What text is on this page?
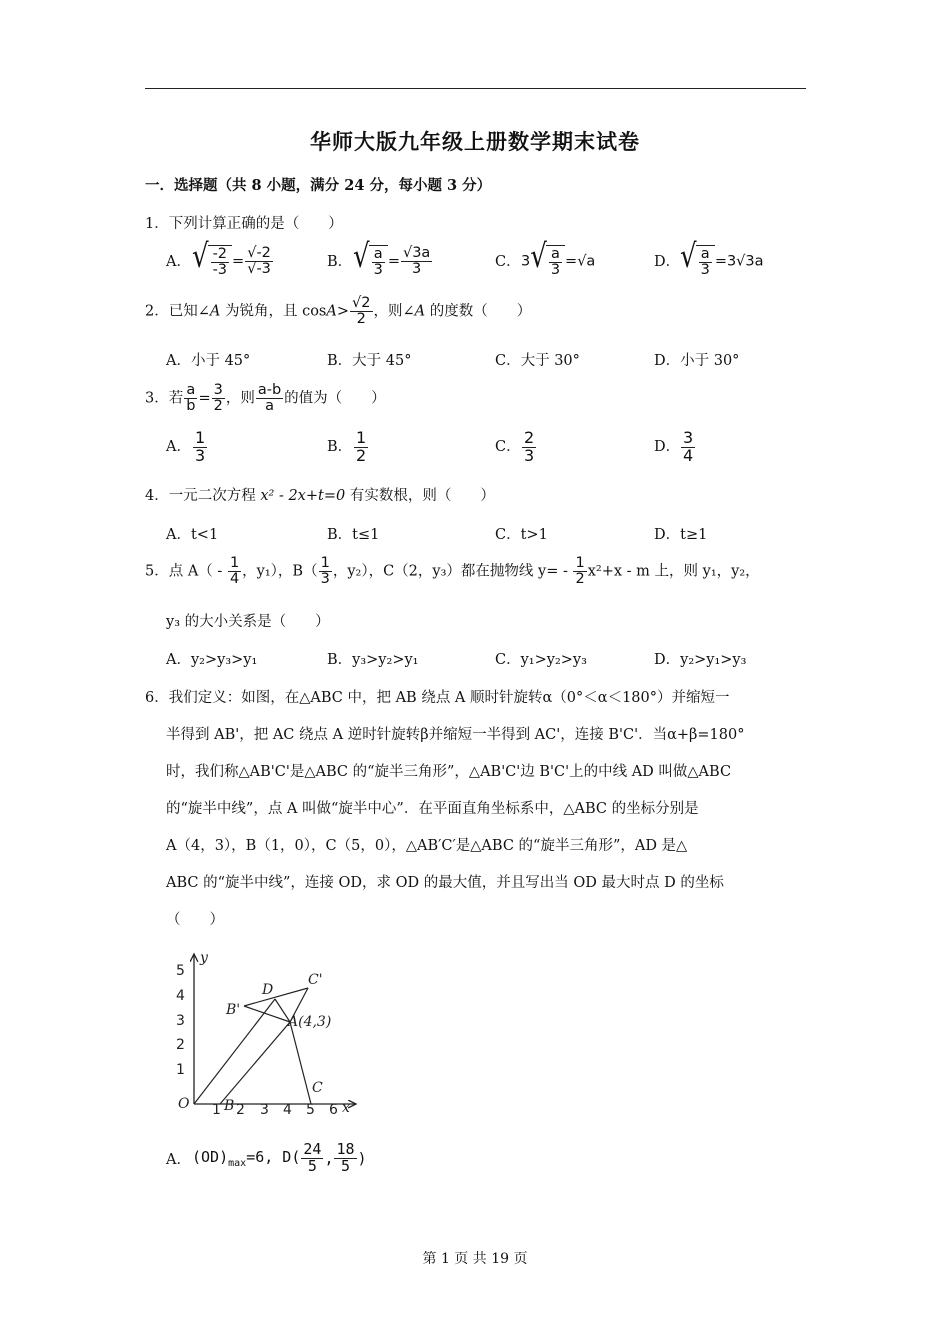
华师大版九年级上册数学期末试卷
一．选择题（共 8 小题，满分 24 分，每小题 3 分）
1．下列计算正确的是（　　）
A． √ $\frac{-2}{-3} = \frac{√-2}{√-3}$	B． √ $\frac{a}{3} = \frac{√3a}{3}$	C．3 √ $\frac{a}{3} =√a$	D． √ $\frac{a}{3} =3√3a$
2．已知∠A 为锐角，且 $\cos A> \frac{√2}{2}$ ，则∠A 的度数（　　）
A．小于 45°	B．大于 45°	C．大于 30°	D．小于 30°
3．若 $\frac{a}{b} = \frac{3}{2}$ ，则 $\frac{a-b}{a}$ 的值为（　　）
A． $\frac{1}{3}$	B． $\frac{1}{2}$	C． $\frac{2}{3}$	D． $\frac{3}{4}$
4．一元二次方程 x² - 2x+t=0 有实数根，则（　　）
A．t<1	B．t≤1	C．t>1	D．t≥1
5．点 $A( - \frac{1}{4}$ ，y₁），$B( \frac{1}{3}$ ，y₂），C（2，y₃）都在抛物线 $y= - \frac{1}{2} x^2+x - m$ 上，则 y₁，y₂，
y₃ 的大小关系是（　　）
A．y₂>y₃>y₁	B．y₃>y₂>y₁	C．y₁>y₂>y₃	D．y₂>y₁>y₃
6．我们定义：如图，在△ABC 中，把 AB 绕点 A 顺时针旋转α（0°＜α＜180°）并缩短一
半得到 AB'，把 AC 绕点 A 逆时针旋转β并缩短一半得到 AC'，连接 B'C'．当α+β=180°
时，我们称△AB'C'是△ABC 的“旋半三角形”，△AB'C'边 B'C'上的中线 AD 叫做△ABC
的“旋半中线”，点 A 叫做“旋半中心”．在平面直角坐标系中，△ABC 的坐标分别是
A（4，3），B（1，0），C（5，0），△AB′C′是△ABC 的“旋半三角形”，AD 是△
ABC 的“旋半中线”，连接 OD，求 OD 的最大值，并且写出当 OD 最大时点 D 的坐标
（　　）
5
4
3
2
1
1 2 3 4 5 6
y
x
O B
C
D
B'
C'
A(4,3)
A．$(OD)_{max}=6$, $D( \frac{24}{5}$ , $\frac{18}{5}$ )
第 1 页 共 19 页
